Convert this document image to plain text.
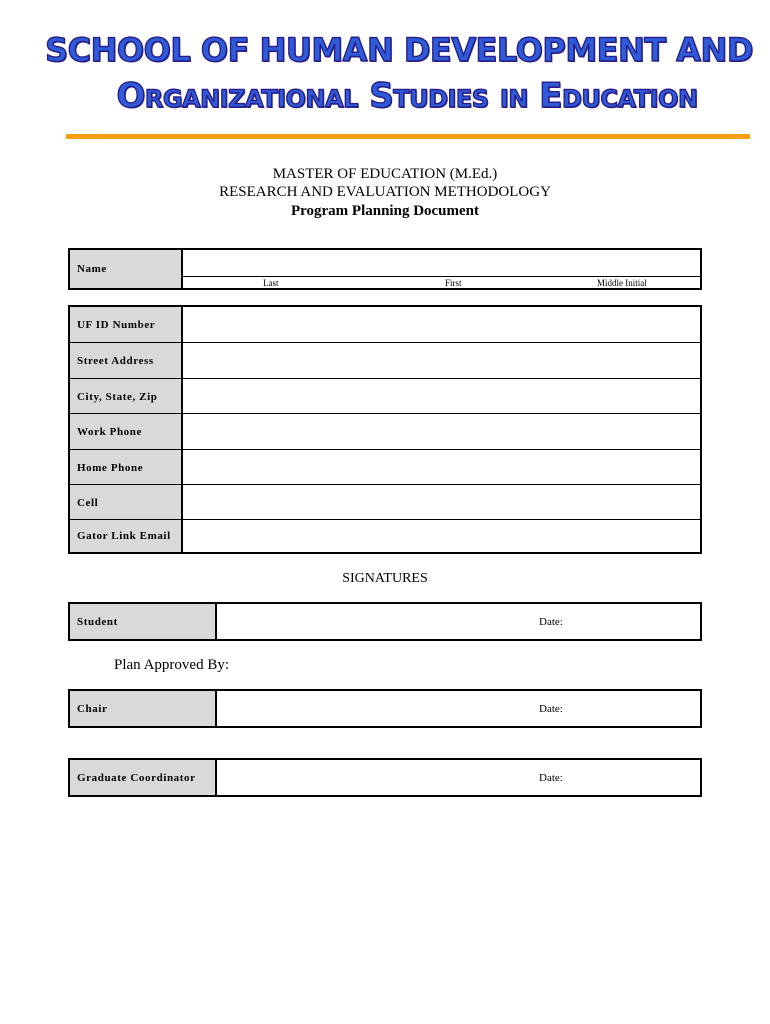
SCHOOL OF HUMAN DEVELOPMENT AND
Organizational Studies in Education
MASTER OF EDUCATION (M.Ed.)
RESEARCH AND EVALUATION METHODOLOGY
Program Planning Document
Name
Last	First	Middle Initial
UF ID Number
Street Address
City, State, Zip
Work Phone
Home Phone
Cell
Gator Link Email
SIGNATURES
Student	Date:
Plan Approved By:
Chair	Date:
Graduate Coordinator	Date:
